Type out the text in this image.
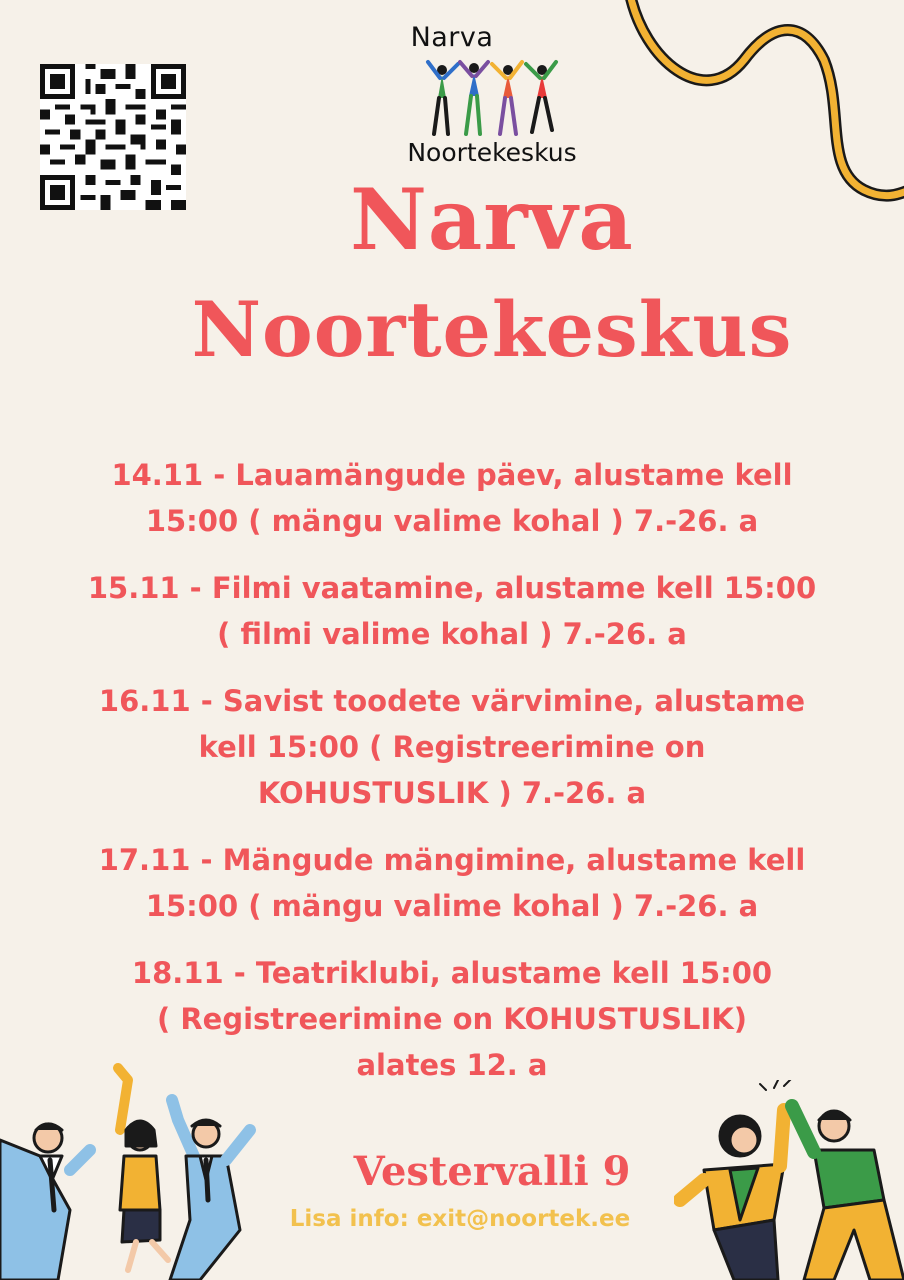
Narva
Noortekeskus
Narva
Noortekeskus
14.11 - Lauamängude päev, alustame kell
15:00 ( mängu valime kohal ) 7.-26. a
15.11 - Filmi vaatamine, alustame kell 15:00
( filmi valime kohal ) 7.-26. a
16.11 - Savist toodete värvimine, alustame
kell 15:00 ( Registreerimine on
KOHUSTUSLIK ) 7.-26. a
17.11 - Mängude mängimine, alustame kell
15:00 ( mängu valime kohal ) 7.-26. a
18.11 - Teatriklubi, alustame kell 15:00
( Registreerimine on KOHUSTUSLIK)
alates 12. a
Vestervalli 9
Lisa info: exit@noortek.ee
